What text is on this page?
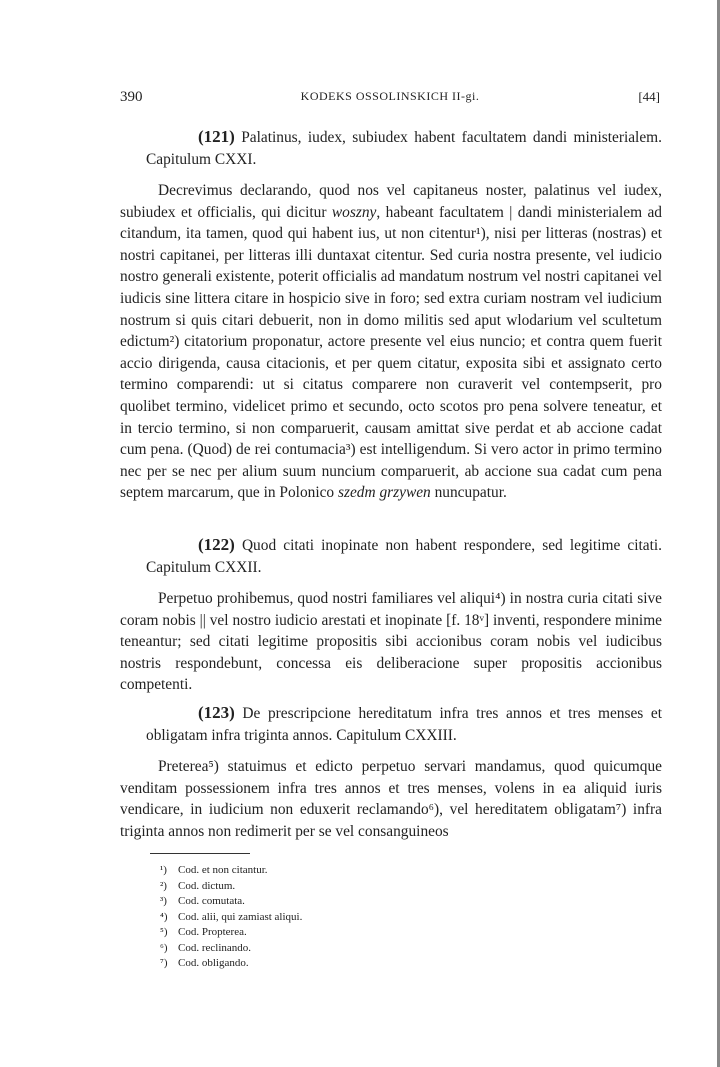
390	KODEKS OSSOLINSKICH II-gi.	[44]

(121) Palatinus, iudex, subiudex habent facultatem dandi ministerialem. Capitulum CXXI.

Decrevimus declarando, quod nos vel capitaneus noster, palatinus vel iudex, subiudex et officialis, qui dicitur woszny, habeant facultatem | dandi ministerialem ad citandum, ita tamen, quod qui habent ius, ut non citentur¹), nisi per litteras (nostras) et nostri capitanei, per litteras illi duntaxat citentur. Sed curia nostra presente, vel iudicio nostro generali existente, poterit officialis ad mandatum nostrum vel nostri capitanei vel iudicis sine littera citare in hospicio sive in foro; sed extra curiam nostram vel iudicium nostrum si quis citari debuerit, non in domo militis sed aput wlodarium vel scultetum edictum²) citatorium proponatur, actore presente vel eius nuncio; et contra quem fuerit accio dirigenda, causa citacionis, et per quem citatur, exposita sibi et assignato certo termino comparendi: ut si citatus comparere non curaverit vel contempserit, pro quolibet termino, videlicet primo et secundo, octo scotos pro pena solvere teneatur, et in tercio termino, si non comparuerit, causam amittat sive perdat et ab accione cadat cum pena. (Quod) de rei contumacia³) est intelligendum. Si vero actor in primo termino nec per se nec per alium suum nuncium comparuerit, ab accione sua cadat cum pena septem marcarum, que in Polonico szedm grzywen nuncupatur.

(122) Quod citati inopinate non habent respondere, sed legitime citati. Capitulum CXXII.

Perpetuo prohibemus, quod nostri familiares vel aliqui⁴) in nostra curia citati sive coram nobis || vel nostro iudicio arestati et inopinate [f. 18ᵛ] inventi, respondere minime teneantur; sed citati legitime propositis sibi accionibus coram nobis vel iudicibus nostris respondebunt, concessa eis deliberacione super propositis accionibus competenti.

(123) De prescripcione hereditatum infra tres annos et tres menses et obligatam infra triginta annos. Capitulum CXXIII.

Preterea⁵) statuimus et edicto perpetuo servari mandamus, quod quicumque venditam possessionem infra tres annos et tres menses, volens in ea aliquid iuris vendicare, in iudicium non eduxerit reclamando⁶), vel hereditatem obligatam⁷) infra triginta annos non redimerit per se vel consanguineos

¹) Cod. et non citantur.
²) Cod. dictum.
³) Cod. comutata.
⁴) Cod. alii, qui zamiast aliqui.
⁵) Cod. Propterea.
⁶) Cod. reclinando.
⁷) Cod. obligando.
